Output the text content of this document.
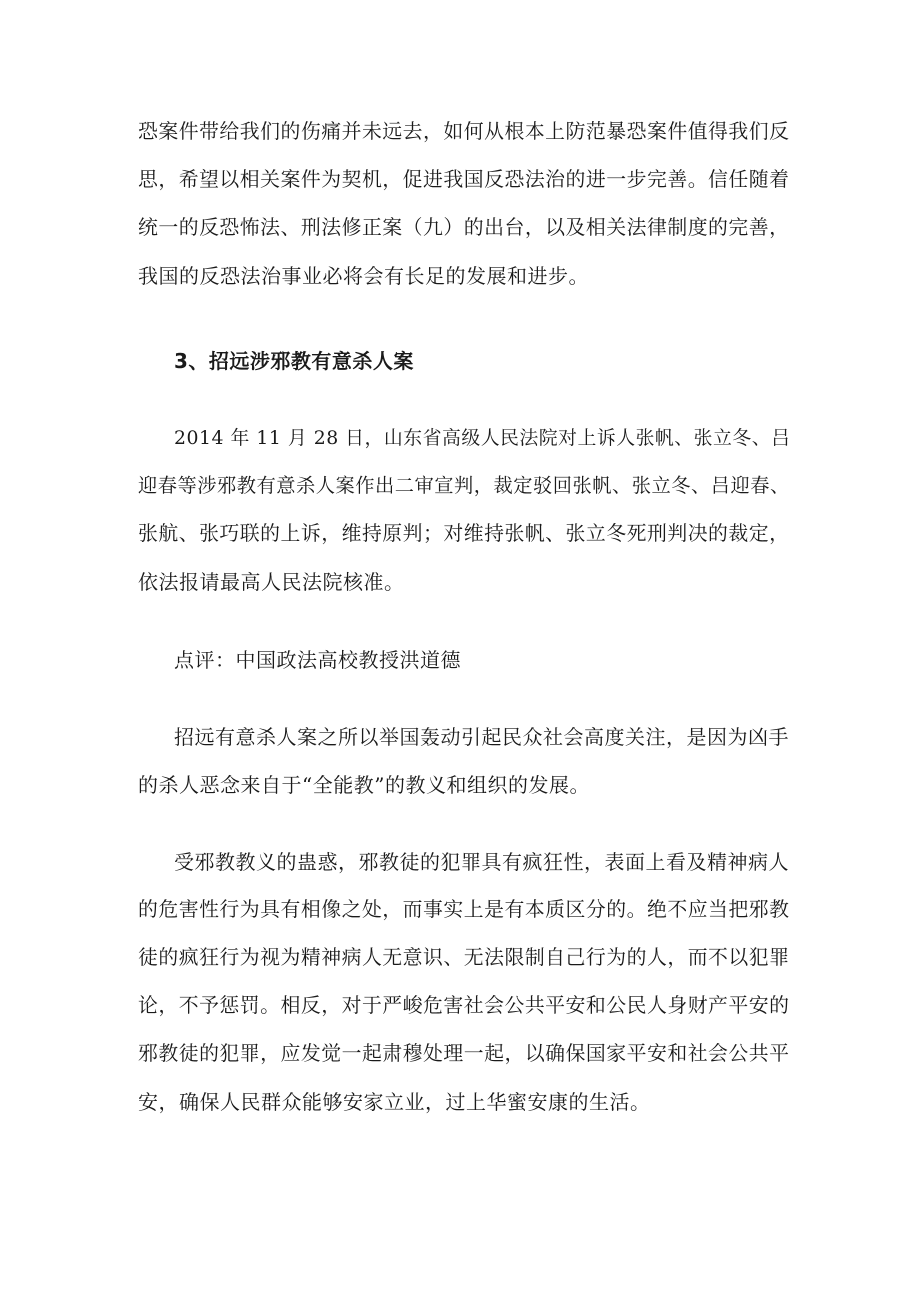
恐案件带给我们的伤痛并未远去，如何从根本上防范暴恐案件值得我们反
思，希望以相关案件为契机，促进我国反恐法治的进一步完善。信任随着
统一的反恐怖法、刑法修正案（九）的出台，以及相关法律制度的完善，
我国的反恐法治事业必将会有长足的发展和进步。
3、招远涉邪教有意杀人案
2014 年 11 月 28 日，山东省高级人民法院对上诉人张帆、张立冬、吕
迎春等涉邪教有意杀人案作出二审宣判，裁定驳回张帆、张立冬、吕迎春、
张航、张巧联的上诉，维持原判；对维持张帆、张立冬死刑判决的裁定，
依法报请最高人民法院核准。
点评：中国政法高校教授洪道德
招远有意杀人案之所以举国轰动引起民众社会高度关注，是因为凶手
的杀人恶念来自于“全能教”的教义和组织的发展。
受邪教教义的蛊惑，邪教徒的犯罪具有疯狂性，表面上看及精神病人
的危害性行为具有相像之处，而事实上是有本质区分的。绝不应当把邪教
徒的疯狂行为视为精神病人无意识、无法限制自己行为的人，而不以犯罪
论，不予惩罚。相反，对于严峻危害社会公共平安和公民人身财产平安的
邪教徒的犯罪，应发觉一起肃穆处理一起，以确保国家平安和社会公共平
安，确保人民群众能够安家立业，过上华蜜安康的生活。
